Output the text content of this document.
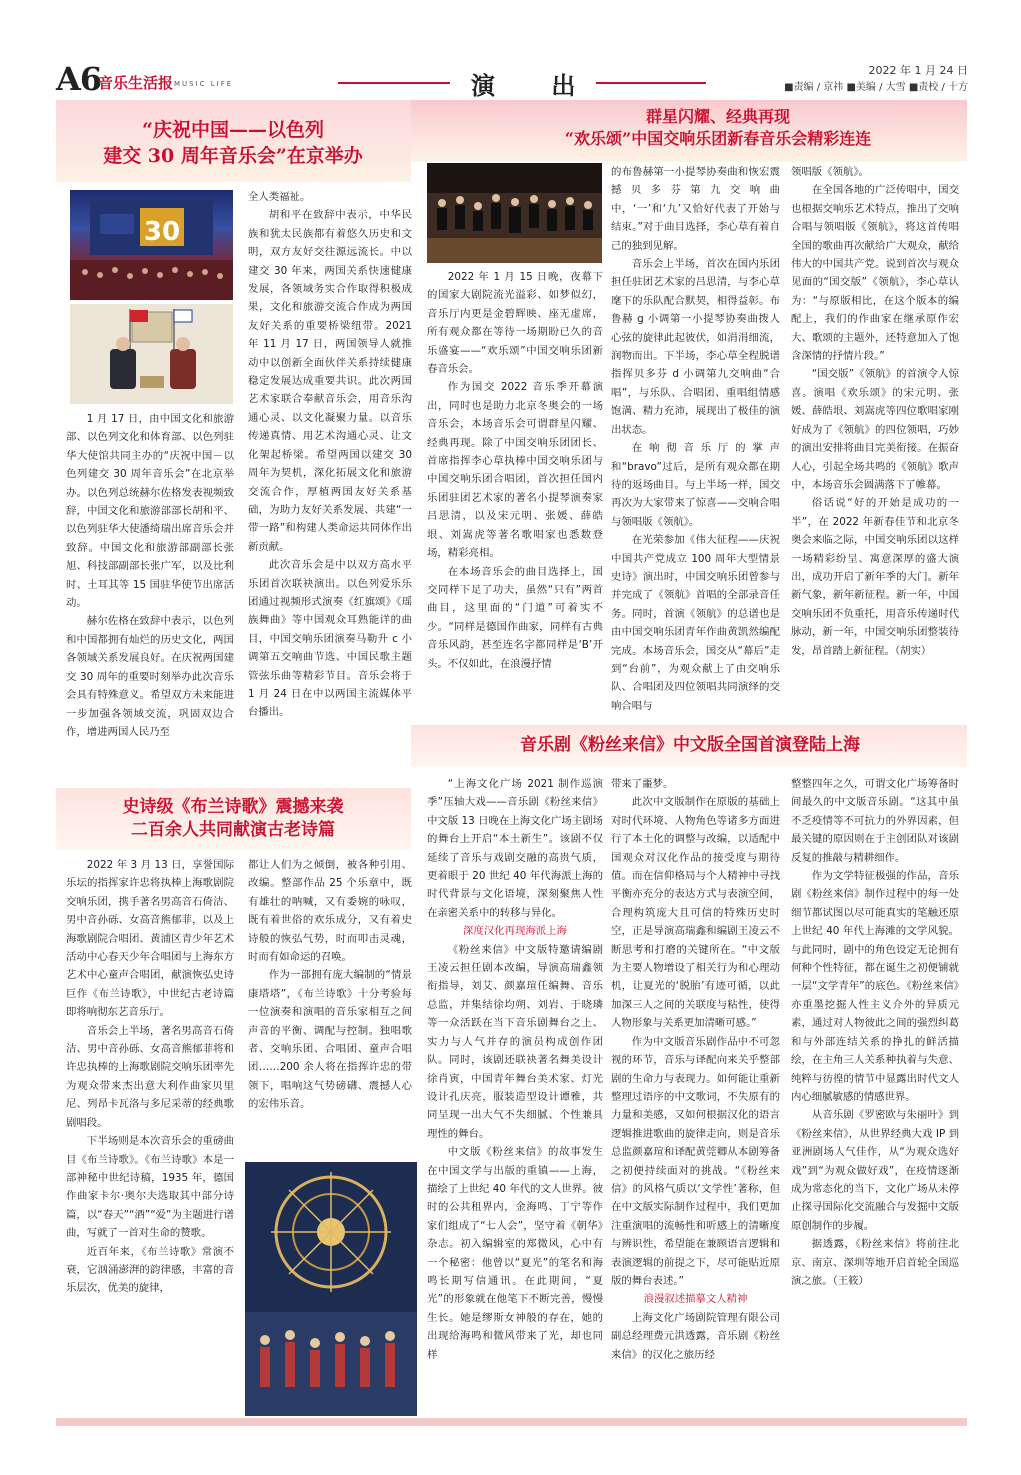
A6
音乐生活报 MUSIC LIFE	演 出
2022 年 1 月 24 日
■责编 / 京祎 ■美编 / 大雪 ■责校 / 十方
“庆祝中国——以色列
建交 30 周年音乐会”在京举办
30

1 月 17 日，由中国文化和旅游部、以色列文化和体育部、以色列驻华大使馆共同主办的“庆祝中国－以色列建交 30 周年音乐会”在北京举办。以色列总统赫尔佐格发表视频致辞，中国文化和旅游部部长胡和平、以色列驻华大使潘绮瑞出席音乐会并致辞。中国文化和旅游部副部长张旭、科技部副部长张广军，以及比利时、土耳其等 15 国驻华使节出席活动。

赫尔佐格在致辞中表示，以色列和中国都拥有灿烂的历史文化，两国各领域关系发展良好。在庆祝两国建交 30 周年的重要时刻举办此次音乐会具有特殊意义。希望双方未来能进一步加强各领域交流，巩固双边合作，增进两国人民乃至

全人类福祉。

胡和平在致辞中表示，中华民族和犹太民族都有着悠久历史和文明，双方友好交往源远流长。中以建交 30 年来，两国关系快速健康发展，各领域务实合作取得积极成果，文化和旅游交流合作成为两国友好关系的重要桥梁纽带。2021 年 11 月 17 日，两国领导人就推动中以创新全面伙伴关系持续健康稳定发展达成重要共识。此次两国艺术家联合奉献音乐会，用音乐沟通心灵、以文化凝聚力量。以音乐传递真情、用艺术沟通心灵、让文化架起桥梁。希望两国以建交 30 周年为契机，深化拓展文化和旅游交流合作，厚植两国友好关系基础，为助力友好关系发展、共建“一带一路”和构建人类命运共同体作出新贡献。

此次音乐会是中以双方高水平乐团首次联袂演出。以色列爱乐乐团通过视频形式演奏《红旗颂》《瑶族舞曲》等中国观众耳熟能详的曲目，中国交响乐团演奏马勒升 c 小调第五交响曲节选、中国民歌主题管弦乐曲等精彩节目。音乐会将于 1 月 24 日在中以两国主流媒体平台播出。

群星闪耀、经典再现
“欢乐颂”中国交响乐团新春音乐会精彩连连

2022 年 1 月 15 日晚，夜幕下的国家大剧院流光溢彩、如梦似幻，音乐厅内更是金碧辉映、座无虚席，所有观众都在等待一场期盼已久的音乐盛宴——“欢乐颂”中国交响乐团新春音乐会。

作为国交 2022 音乐季开幕演出，同时也是助力北京冬奥会的一场音乐会，本场音乐会可谓群星闪耀、经典再现。除了中国交响乐团团长、首席指挥李心草执棒中国交响乐团与中国交响乐团合唱团，首次担任国内乐团驻团艺术家的著名小提琴演奏家吕思清，以及宋元明、张媛、薛皓垠、刘嵩虎等著名歌唱家也悉数登场，精彩亮相。

在本场音乐会的曲目选择上，国交同样下足了功夫，虽然“只有”两首曲目，这里面的“门道”可着实不少。“同样是德国作曲家，同样有古典音乐风韵，甚至连名字都同样是‘B’开头。不仅如此，在浪漫抒情

的布鲁赫第一小提琴协奏曲和恢宏震撼贝多芬第九交响曲中，‘一’和‘九’又恰好代表了开始与结束。”对于曲目选择，李心草有着自己的独到见解。

音乐会上半场，首次在国内乐团担任驻团艺术家的吕思清，与李心草麾下的乐队配合默契，相得益彰。布鲁赫 g 小调第一小提琴协奏曲拨人心弦的旋律此起彼伏，如涓涓细流，润物而出。下半场，李心草全程脱谱指挥贝多芬 d 小调第九交响曲“合唱”，与乐队、合唱团、重唱组情感饱满、精力充沛，展现出了极佳的演出状态。

在响彻音乐厅的掌声和“bravo”过后，是所有观众都在期待的返场曲目。与上半场一样，国交再次为大家带来了惊喜——交响合唱与领唱版《领航》。

在光荣参加《伟大征程——庆祝中国共产党成立 100 周年大型情景史诗》演出时，中国交响乐团曾参与并完成了《领航》首唱的全部录音任务。同时，首演《领航》的总谱也是由中国交响乐团青年作曲黄凯然编配完成。本场音乐会，国交从“幕后”走到“台前”，为观众献上了由交响乐队、合唱团及四位领唱共同演绎的交响合唱与

领唱版《领航》。

在全国各地的广泛传唱中，国交也根据交响乐艺术特点，推出了交响合唱与领唱版《领航》，将这首传唱全国的歌曲再次献给广大观众，献给伟大的中国共产党。说到首次与观众见面的“国交版”《领航》，李心草认为：“与原版相比，在这个版本的编配上，我们的作曲家在继承原作宏大、歌颂的主题外，还特意加入了饱含深情的抒情片段。”

“国交版”《领航》的首演令人惊喜。演唱《欢乐颂》的宋元明、张媛、薛皓垠、刘嵩虎等四位歌唱家刚好成为了《领航》的四位领唱，巧妙的演出安排将曲目完美衔接。在振奋人心，引起全场共鸣的《领航》歌声中，本场音乐会圆满落下了帷幕。

俗话说“好的开始是成功的一半”，在 2022 年新春佳节和北京冬奥会来临之际，中国交响乐团以这样一场精彩纷呈、寓意深厚的盛大演出，成功开启了新年季的大门。新年新气象，新年新征程。新一年，中国交响乐团不负重托，用音乐传递时代脉动，新一年，中国交响乐团整装待发，昂首踏上新征程。（胡实）

音乐剧《粉丝来信》中文版全国首演登陆上海

“上海文化广场 2021 制作巡演季”压轴大戏——音乐剧《粉丝来信》中文版 13 日晚在上海文化广场主剧场的舞台上开启“本土新生”。该剧不仅延续了音乐与戏剧交融的高贵气质，更着眼于 20 世纪 40 年代海派上海的时代背景与文化语境，深刻聚焦人性在亲密关系中的转移与异化。

深度汉化再现海派上海

《粉丝来信》中文版特邀请编剧王凌云担任剧本改编，导演高瑞鑫领衔指导，刘艾、颜嘉瑄任编舞、音乐总监，并集结徐均朔、刘岩、于晓璘等一众活跃在当下音乐剧舞台之上、实力与人气并存的演员构成创作团队。同时，该剧还联袂著名舞美设计徐肖寅，中国青年舞台美术家、灯光设计孔庆亮，服装造型设计谭雅，共同呈现一出大气不失细腻、个性兼具理性的舞台。

中文版《粉丝来信》的故事发生在中国文学与出版的重镇——上海，描绘了上世纪 40 年代的文人世界。彼时的公共租界内，金海鸣、丁宁等作家们组成了“七人会”，坚守着《朝华》杂志。初入编辑室的郑微风，心中有一个秘密：他曾以“夏光”的笔名和海鸣长期写信通讯。在此期间，“夏光”的形象就在他笔下不断完善，慢慢生长。她是缪斯女神般的存在，她的出现给海鸣和微风带来了光，却也同样

带来了噩梦。

此次中文版制作在原版的基础上对时代环境、人物角色等诸多方面进行了本土化的调整与改编，以适配中国观众对汉化作品的接受度与期待值。而在信仰格局与个人精神中寻找平衡亦充分的表达方式与表演空间，合理构筑庞大且可信的特殊历史时空，正是导演高瑞鑫和编剧王凌云不断思考和打磨的关键所在。“中文版为主要人物增设了相关行为和心理动机，让夏光的‘脱胎’有迹可循，以此加深三人之间的关联度与粘性，使得人物形象与关系更加清晰可感。”

作为中文版音乐剧作品中不可忽视的环节，音乐与译配向来关乎整部剧的生命力与表现力。如何能让重新整理过语序的中文歌词，不失原有的力量和美感，又如何根据汉化的语言逻辑推进歌曲的旋律走向，则是音乐总监颜嘉瑄和译配黄莞卿从本剧筹备之初便持续面对的挑战。“《粉丝来信》的风格气质以‘文学性’著称，但在中文版实际制作过程中，我们更加注重演唱的流畅性和听感上的清晰度与辨识性，希望能在兼顾语言逻辑和表演逻辑的前提之下，尽可能贴近原版的舞台表述。”

浪漫叙述描摹文人精神

上海文化广场剧院管理有限公司副总经理费元洪透露，音乐剧《粉丝来信》的汉化之旅历经

整整四年之久，可谓文化广场筹备时间最久的中文版音乐剧。“这其中虽不乏疫情等不可抗力的外界因素，但最关键的原因则在于主创团队对该剧反复的推敲与精耕细作。

作为文学特征极强的作品，音乐剧《粉丝来信》制作过程中的每一处细节都试图以尽可能真实的笔触还原上世纪 40 年代上海滩的文学风貌。与此同时，剧中的角色设定无论拥有何种个性特征，都在诞生之初便铺就一层“文学青年”的底色。《粉丝来信》亦重墨挖掘人性主义介外的异质元素，通过对人物彼此之间的强烈纠葛和与外部连结关系的挣扎的鲜活描绘，在主角三人关系种执着与失意、纯粹与彷徨的情节中显露出时代文人内心细腻敏感的情感世界。

从音乐剧《罗密欧与朱丽叶》到《粉丝来信》，从世界经典大戏 IP 到亚洲剧场人气佳作，从“为观众选好戏”到“为观众做好戏”，在疫情逐渐成为常态化的当下，文化广场从未停止探寻国际化交流融合与发掘中文版原创制作的步履。

据透露，《粉丝来信》将前往北京、南京、深圳等地开启首轮全国巡演之旅。（王筱）

史诗级《布兰诗歌》震撼来袭
二百余人共同献演古老诗篇

2022 年 3 月 13 日，享誉国际乐坛的指挥家许忠将执棒上海歌剧院交响乐团，携手著名男高音石倚洁、男中音孙砾、女高音熊郁菲，以及上海歌剧院合唱团、黄浦区青少年艺术活动中心春天少年合唱团与上海东方艺术中心童声合唱团，献演恢弘史诗巨作《布兰诗歌》，中世纪古老诗篇即将响彻东艺音乐厅。

音乐会上半场，著名男高音石倚洁、男中音孙砾、女高音熊郁菲将和许忠执棒的上海歌剧院交响乐团率先为观众带来杰出意大利作曲家贝里尼、列昂卡瓦洛与多尼采蒂的经典歌剧唱段。

下半场则是本次音乐会的重磅曲目《布兰诗歌》。《布兰诗歌》本是一部神秘中世纪诗稿，1935 年，德国作曲家卡尔·奥尔夫选取其中部分诗篇，以“春天”“酒”“爱”为主题进行谱曲，写就了一首对生命的赞歌。

近百年来，《布兰诗歌》常演不衰，它汹涌澎湃的韵律感，丰富的音乐层次，优美的旋律，

都让人们为之倾倒，被各种引用、改编。整部作品 25 个乐章中，既有雄壮的呐喊，又有委婉的咏叹，既有着世俗的欢乐成分，又有着史诗般的恢弘气势，时而叩击灵魂，时而有如命运的召唤。

作为一部拥有庞大编制的“情景康塔塔”，《布兰诗歌》十分考验每一位演奏和演唱的音乐家相互之间声音的平衡、调配与控制。独唱歌者、交响乐团、合唱团、童声合唱团……200 余人将在指挥许忠的带领下，唱响这气势磅礴、震撼人心的宏伟乐音。
